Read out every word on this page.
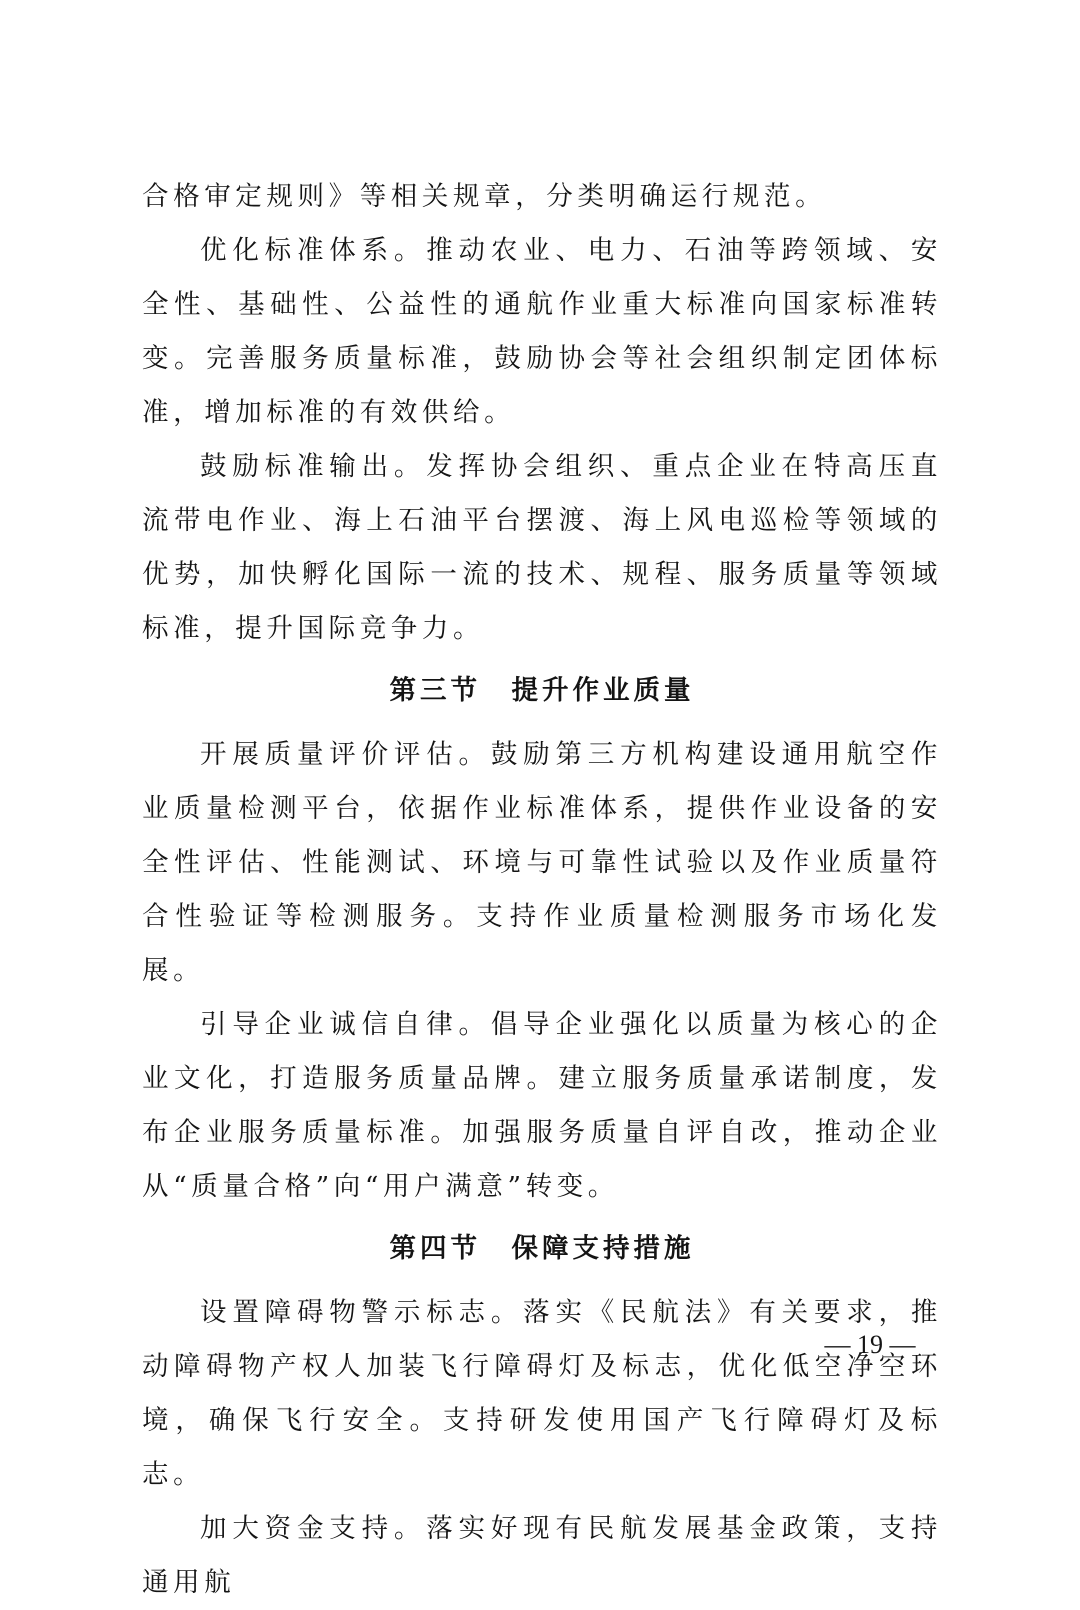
合格审定规则》等相关规章，分类明确运行规范。

优化标准体系。推动农业、电力、石油等跨领域、安全性、基础性、公益性的通航作业重大标准向国家标准转变。完善服务质量标准，鼓励协会等社会组织制定团体标准，增加标准的有效供给。

鼓励标准输出。发挥协会组织、重点企业在特高压直流带电作业、海上石油平台摆渡、海上风电巡检等领域的优势，加快孵化国际一流的技术、规程、服务质量等领域标准，提升国际竞争力。

第三节　提升作业质量

开展质量评价评估。鼓励第三方机构建设通用航空作业质量检测平台，依据作业标准体系，提供作业设备的安全性评估、性能测试、环境与可靠性试验以及作业质量符合性验证等检测服务。支持作业质量检测服务市场化发展。

引导企业诚信自律。倡导企业强化以质量为核心的企业文化，打造服务质量品牌。建立服务质量承诺制度，发布企业服务质量标准。加强服务质量自评自改，推动企业从“质量合格”向“用户满意”转变。

第四节　保障支持措施

设置障碍物警示标志。落实《民航法》有关要求，推动障碍物产权人加装飞行障碍灯及标志，优化低空净空环境，确保飞行安全。支持研发使用国产飞行障碍灯及标志。

加大资金支持。落实好现有民航发展基金政策，支持通用航

— 19 —
